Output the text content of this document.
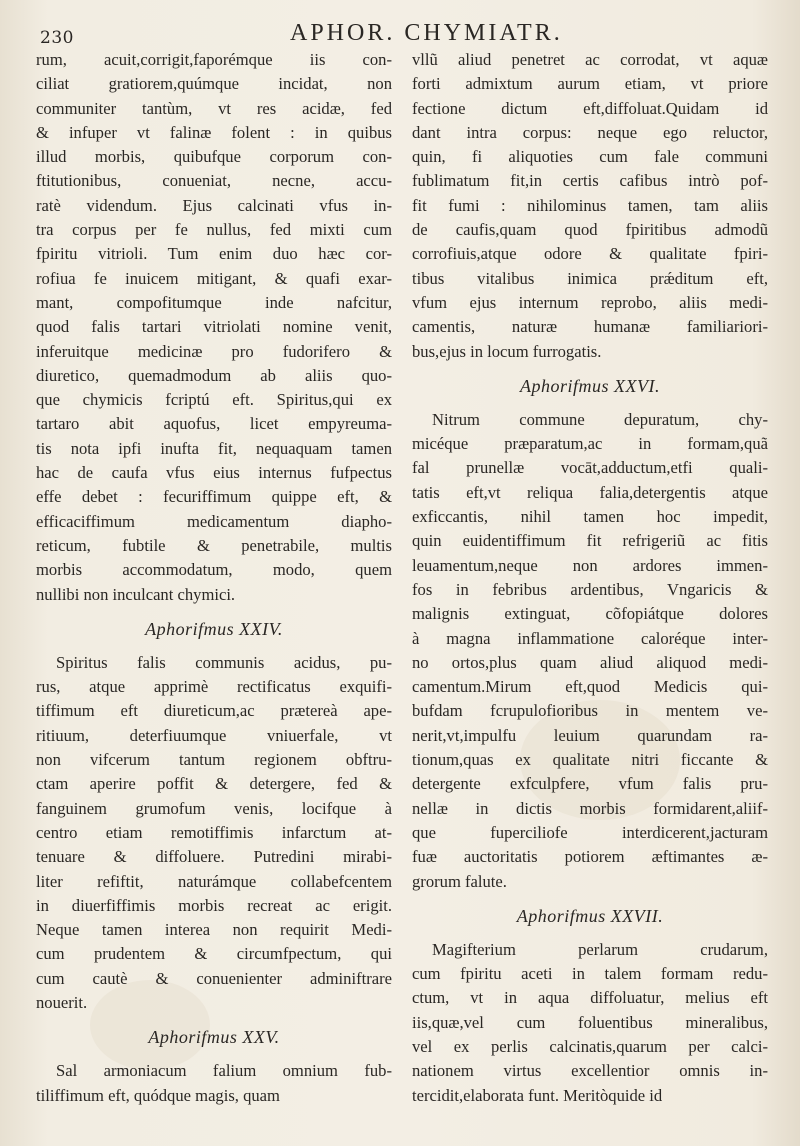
230	APHOR. CHYMIATR.
rum, acuit,corrigit,faporémque iis con-
ciliat gratiorem,quúmque incidat, non
communiter tantùm, vt res acidæ, fed
& infuper vt falinæ folent : in quibus
illud morbis, quibufque corporum con-
ftitutionibus, conueniat, necne, accu-
ratè videndum. Ejus calcinati vfus in-
tra corpus per fe nullus, fed mixti cum
fpiritu vitrioli. Tum enim duo hæc cor-
rofiua fe inuicem mitigant, & quafi exar-
mant, compofitumque inde nafcitur,
quod falis tartari vitriolati nomine venit,
inferuitque medicinæ pro fudorifero &
diuretico, quemadmodum ab aliis quo-
que chymicis fcriptú eft. Spiritus,qui ex
tartaro abit aquofus, licet empyreuma-
tis nota ipfi inufta fit, nequaquam tamen
hac de caufa vfus eius internus fufpectus
effe debet : fecuriffimum quippe eft, &
efficaciffimum medicamentum diapho-
reticum, fubtile & penetrabile, multis
morbis accommodatum, modo, quem
nullibi non inculcant chymici.
Aphorifmus XXIV.
Spiritus falis communis acidus, pu-
rus, atque apprimè rectificatus exquifi-
tiffimum eft diureticum,ac prætereà ape-
ritiuum, deterfiuumque vniuerfale, vt
non vifcerum tantum regionem obftru-
ctam aperire poffit & detergere, fed &
fanguinem grumofum venis, locifque à
centro etiam remotiffimis infarctum at-
tenuare & diffoluere. Putredini mirabi-
liter refiftit, naturámque collabefcentem
in diuerfiffimis morbis recreat ac erigit.
Neque tamen interea non requirit Medi-
cum prudentem & circumfpectum, qui
cum cautè & conuenienter adminiftrare
nouerit.
Aphorifmus XXV.
Sal armoniacum falium omnium fub-
tiliffimum eft, quódque magis, quam
vllũ aliud penetret ac corrodat, vt aquæ
forti admixtum aurum etiam, vt priore
fectione dictum eft,diffoluat.Quidam id
dant intra corpus: neque ego reluctor,
quin, fi aliquoties cum fale communi
fublimatum fit,in certis cafibus intrò pof-
fit fumi : nihilominus tamen, tam aliis
de caufis,quam quod fpiritibus admodũ
corrofiuis,atque odore & qualitate fpiri-
tibus vitalibus inimica prǽditum eft,
vfum ejus internum reprobo, aliis medi-
camentis, naturæ humanæ familiariori-
bus,ejus in locum furrogatis.
Aphorifmus XXVI.
Nitrum commune depuratum, chy-
micéque præparatum,ac in formam,quã
fal prunellæ vocāt,adductum,etfi quali-
tatis eft,vt reliqua falia,detergentis atque
exficcantis, nihil tamen hoc impedit,
quin euidentiffimum fit refrigeriũ ac fitis
leuamentum,neque non ardores immen-
fos in febribus ardentibus, Vngaricis &
malignis extinguat, cõfopiátque dolores
à magna inflammatione caloréque inter-
no ortos,plus quam aliud aliquod medi-
camentum.Mirum eft,quod Medicis qui-
bufdam fcrupulofioribus in mentem ve-
nerit,vt,impulfu leuium quarundam ra-
tionum,quas ex qualitate nitri ficcante &
detergente exfculpfere, vfum falis pru-
nellæ in dictis morbis formidarent,aliif-
que fuperciliofe interdicerent,jacturam
fuæ auctoritatis potiorem æftimantes æ-
grorum falute.
Aphorifmus XXVII.
Magifterium perlarum crudarum,
cum fpiritu aceti in talem formam redu-
ctum, vt in aqua diffoluatur, melius eft
iis,quæ,vel cum foluentibus mineralibus,
vel ex perlis calcinatis,quarum per calci-
nationem virtus excellentior omnis in-
tercidit,elaborata funt. Meritòquide id
